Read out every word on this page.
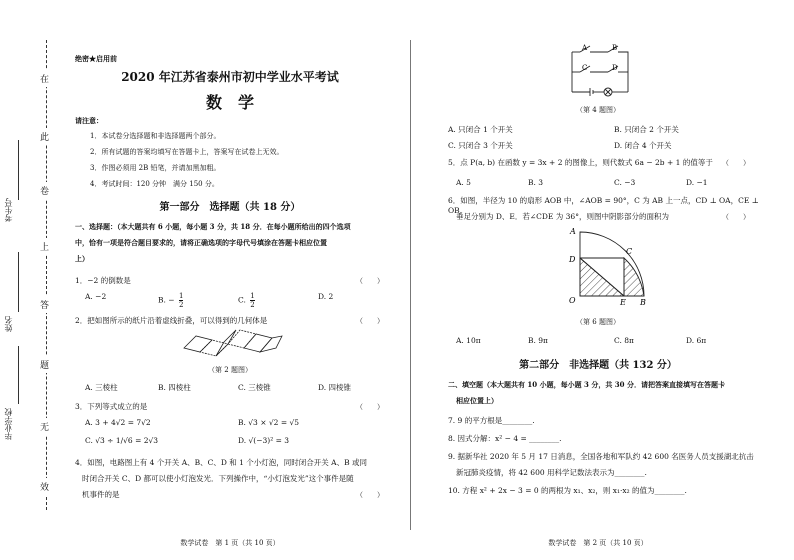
在
此
卷
上
答
题
无
效
考生号
姓名
毕业学校
绝密★启用前
2020 年江苏省泰州市初中学业水平考试
数　学
请注意：
1．本试卷分选择题和非选择题两个部分。
2．所有试题的答案均填写在答题卡上，答案写在试卷上无效。
3．作图必须用 2B 铅笔，并请加黑加粗。
4．考试时间：120 分钟　满分 150 分。
第一部分　选择题（共 18 分）
一、选择题：（本大题共有 6 小题，每小题 3 分，共 18 分．在每小题所给出的四个选项
中，恰有一项是符合题目要求的，请将正确选项的字母代号填涂在答题卡相应位置
上）
1．−2 的倒数是	（　　）
A. −2	B. − $\frac{1}{2}$	C. $\frac{1}{2}$	D. 2
2．把如图所示的纸片沿着虚线折叠，可以得到的几何体是	（　　）
（第 2 题图）
A. 三棱柱	B. 四棱柱	C. 三棱锥	D. 四棱锥
3．下列等式成立的是	（　　）
A. 3 + 4√2 = 7√2	B. √3 × √2 = √5
C. √3 ÷ 1/√6 = 2√3	D. √(−3)² = 3
4．如图，电路图上有 4 个开关 A、B、C、D 和 1 个小灯泡，同时闭合开关 A、B 或同
时闭合开关 C、D 都可以使小灯泡发光．下列操作中，“小灯泡发光”这个事件是随
机事件的是	（　　）
数学试卷　第 1 页（共 10 页）
A	B
C	D
（第 4 题图）
A. 只闭合 1 个开关	B. 只闭合 2 个开关
C. 只闭合 3 个开关	D. 闭合 4 个开关
5．点 P(a, b) 在函数 y = 3x + 2 的图像上，则代数式 6a − 2b + 1 的值等于 （　　）
A. 5	B. 3	C. −3	D. −1
6．如图，半径为 10 的扇形 AOB 中，∠AOB = 90°，C 为 AB 上一点，CD ⊥ OA，CE ⊥ OB，
垂足分别为 D、E．若∠CDE 为 36°，则图中阴影部分的面积为	（　　）
A
C
D
O	E B
（第 6 题图）
A. 10π	B. 9π	C. 8π	D. 6π
第二部分　非选择题（共 132 分）
二、填空题（本大题共有 10 小题，每小题 3 分，共 30 分．请把答案直接填写在答题卡
相应位置上）
7. 9 的平方根是________.
8. 因式分解：x² − 4 = ________.
9. 据新华社 2020 年 5 月 17 日消息，全国各地和军队约 42 600 名医务人员支援湖北抗击
新冠肺炎疫情，将 42 600 用科学记数法表示为________.
10. 方程 x² + 2x − 3 = 0 的两根为 x₁、x₂，则 x₁·x₂ 的值为________.
数学试卷　第 2 页（共 10 页）
